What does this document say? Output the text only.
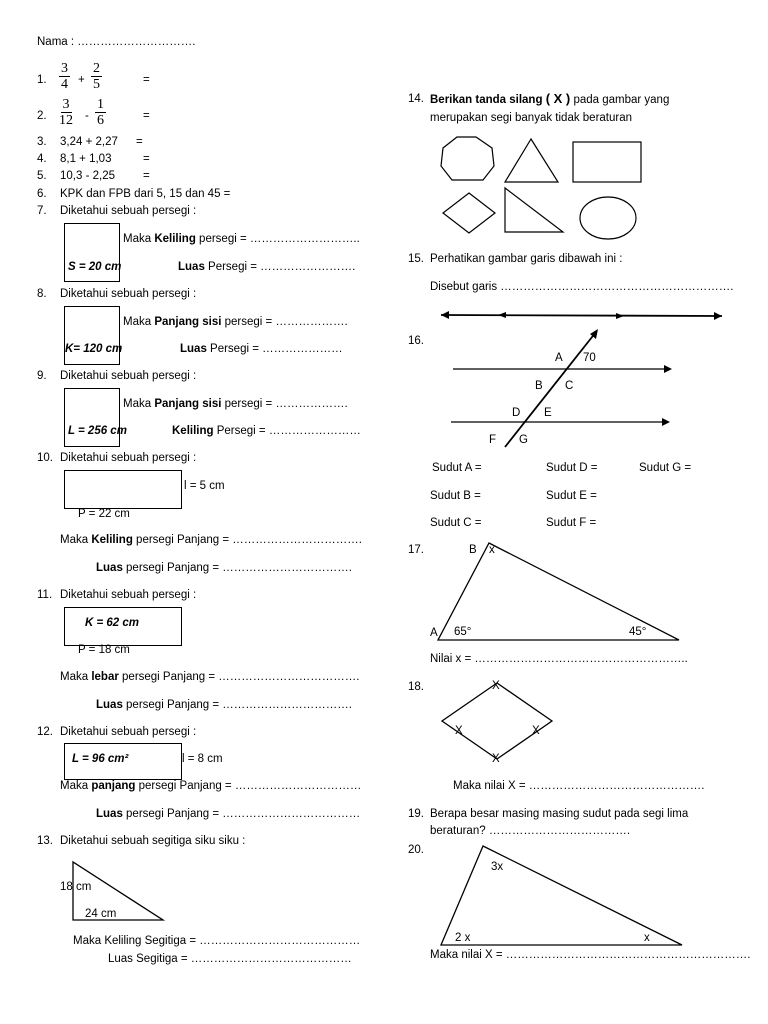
Nama : ………………………….
1. $\frac{3}{4} + \frac{2}{5}$	=
2. $\frac{3}{12} - \frac{1}{6}$	=
3. 3,24 + 2,27 =
4. 8,1 + 1,03	=
5. 10,3 - 2,25 =
6. KPK dan FPB dari 5, 15 dan 45 =
7. Diketahui sebuah persegi :
S = 20 cm
Maka Keliling persegi = ………………………..
Luas Persegi = …………………….
8. Diketahui sebuah persegi :
K= 120 cm
Maka Panjang sisi persegi = ……………….
Luas Persegi = …………………
9. Diketahui sebuah persegi :
L = 256 cm
Maka Panjang sisi persegi = ……………….
Keliling Persegi = ……………………
10. Diketahui sebuah persegi :
l = 5 cm
P = 22 cm
Maka Keliling persegi Panjang = …………………………….
Luas persegi Panjang = …………………………….
11. Diketahui sebuah persegi :
K = 62 cm
P = 18 cm
Maka lebar persegi Panjang = ……………………………….
Luas persegi Panjang = …………………………….
12. Diketahui sebuah persegi :
L = 96 cm²	l = 8 cm
Maka panjang persegi Panjang = ……………………………
Luas persegi Panjang = ………………………………
13. Diketahui sebuah segitiga siku siku :
18 cm
24 cm
Maka Keliling Segitiga = ……………………………………
Luas Segitiga = ……………………………………
14. Berikan tanda silang ( X ) pada gambar yang
merupakan segi banyak tidak beraturan
15. Perhatikan gambar garis dibawah ini :
Disebut garis …………………………………………………….
16.
A 70
B C
D E
F G
Sudut A =	Sudut D =	Sudut G =
Sudut B =	Sudut E =
Sudut C =	Sudut F =
17.	B x
A 65°	45°
Nilai x = ………………………………………………..
18.	X
X	X
X
Maka nilai X = ……………………………………….
19. Berapa besar masing masing sudut pada segi lima
beraturan? ……………………………….
20.
3x
2 x	x
Maka nilai X = ……………………………………………………….
